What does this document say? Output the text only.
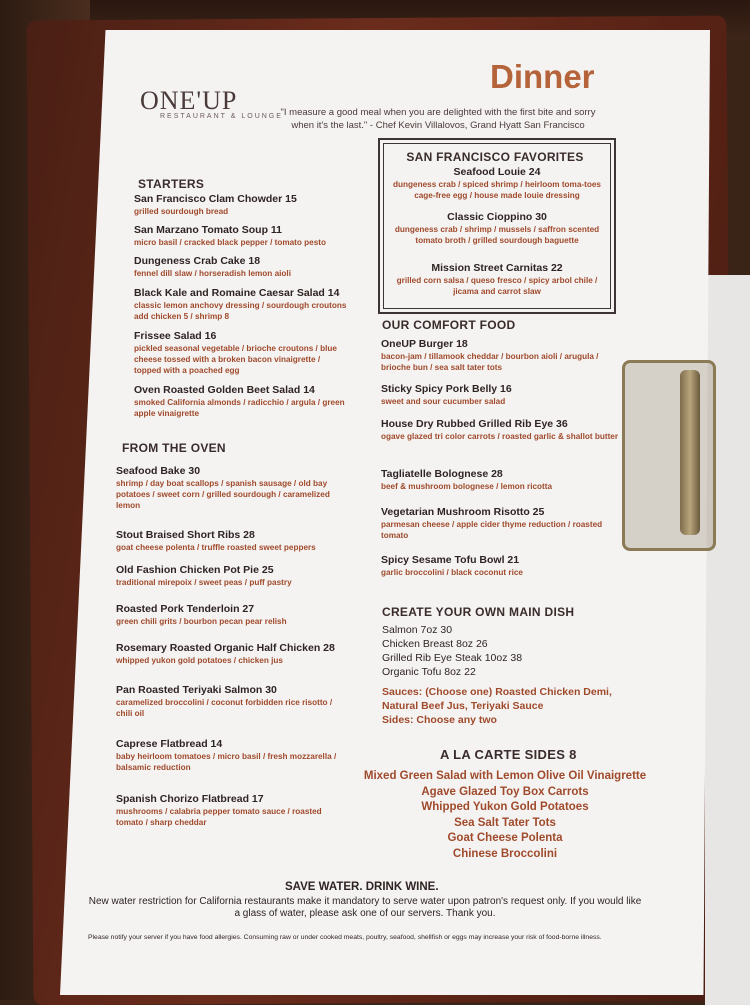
ONE'UP
RESTAURANT & LOUNGE
Dinner
"I measure a good meal when you are delighted with the first bite and sorry when it's the last." - Chef Kevin Villalovos, Grand Hyatt San Francisco
STARTERS
San Francisco Clam Chowder 15
grilled sourdough bread
San Marzano Tomato Soup 11
micro basil / cracked black pepper / tomato pesto
Dungeness Crab Cake 18
fennel dill slaw / horseradish lemon aioli
Black Kale and Romaine Caesar Salad 14
classic lemon anchovy dressing / sourdough croutons add chicken 5 / shrimp 8
Frissee Salad 16
pickled seasonal vegetable / brioche croutons / blue cheese tossed with a broken bacon vinaigrette / topped with a poached egg
Oven Roasted Golden Beet Salad 14
smoked California almonds / radicchio / argula / green apple vinaigrette
FROM THE OVEN
Seafood Bake 30
shrimp / day boat scallops / spanish sausage / old bay potatoes / sweet corn / grilled sourdough / caramelized lemon
Stout Braised Short Ribs 28
goat cheese polenta / truffle roasted sweet peppers
Old Fashion Chicken Pot Pie 25
traditional mirepoix / sweet peas / puff pastry
Roasted Pork Tenderloin 27
green chili grits / bourbon pecan pear relish
Rosemary Roasted Organic Half Chicken 28
whipped yukon gold potatoes / chicken jus
Pan Roasted Teriyaki Salmon 30
caramelized broccolini / coconut forbidden rice risotto / chili oil
Caprese Flatbread 14
baby heirloom tomatoes / micro basil / fresh mozzarella / balsamic reduction
Spanish Chorizo Flatbread 17
mushrooms / calabria pepper tomato sauce / roasted tomato / sharp cheddar
SAN FRANCISCO FAVORITES
Seafood Louie 24
dungeness crab / spiced shrimp / heirloom toma-toes cage-free egg / house made louie dressing
Classic Cioppino 30
dungeness crab / shrimp / mussels / saffron scented tomato broth / grilled sourdough baguette
Mission Street Carnitas 22
grilled corn salsa / queso fresco / spicy arbol chile / jicama and carrot slaw
OUR COMFORT FOOD
OneUP Burger 18
bacon-jam / tillamook cheddar / bourbon aioli / arugula / brioche bun / sea salt tater tots
Sticky Spicy Pork Belly 16
sweet and sour cucumber salad
House Dry Rubbed Grilled Rib Eye 36
ogave glazed tri color carrots / roasted garlic & shallot butter
Tagliatelle Bolognese 28
beef & mushroom bolognese / lemon ricotta
Vegetarian Mushroom Risotto 25
parmesan cheese / apple cider thyme reduction / roasted tomato
Spicy Sesame Tofu Bowl 21
garlic broccolini / black coconut rice
CREATE YOUR OWN MAIN DISH
Salmon 7oz 30
Chicken Breast 8oz 26
Grilled Rib Eye Steak 10oz 38
Organic Tofu 8oz 22
Sauces: (Choose one) Roasted Chicken Demi, Natural Beef Jus, Teriyaki Sauce
Sides: Choose any two
A LA CARTE SIDES 8
Mixed Green Salad with Lemon Olive Oil Vinaigrette
Agave Glazed Toy Box Carrots
Whipped Yukon Gold Potatoes
Sea Salt Tater Tots
Goat Cheese Polenta
Chinese Broccolini
SAVE WATER. DRINK WINE.
New water restriction for California restaurants make it mandatory to serve water upon patron's request only. If you would like a glass of water, please ask one of our servers. Thank you.
Please notify your server if you have food allergies. Consuming raw or under cooked meats, poultry, seafood, shellfish or eggs may increase your risk of food-borne illness.
